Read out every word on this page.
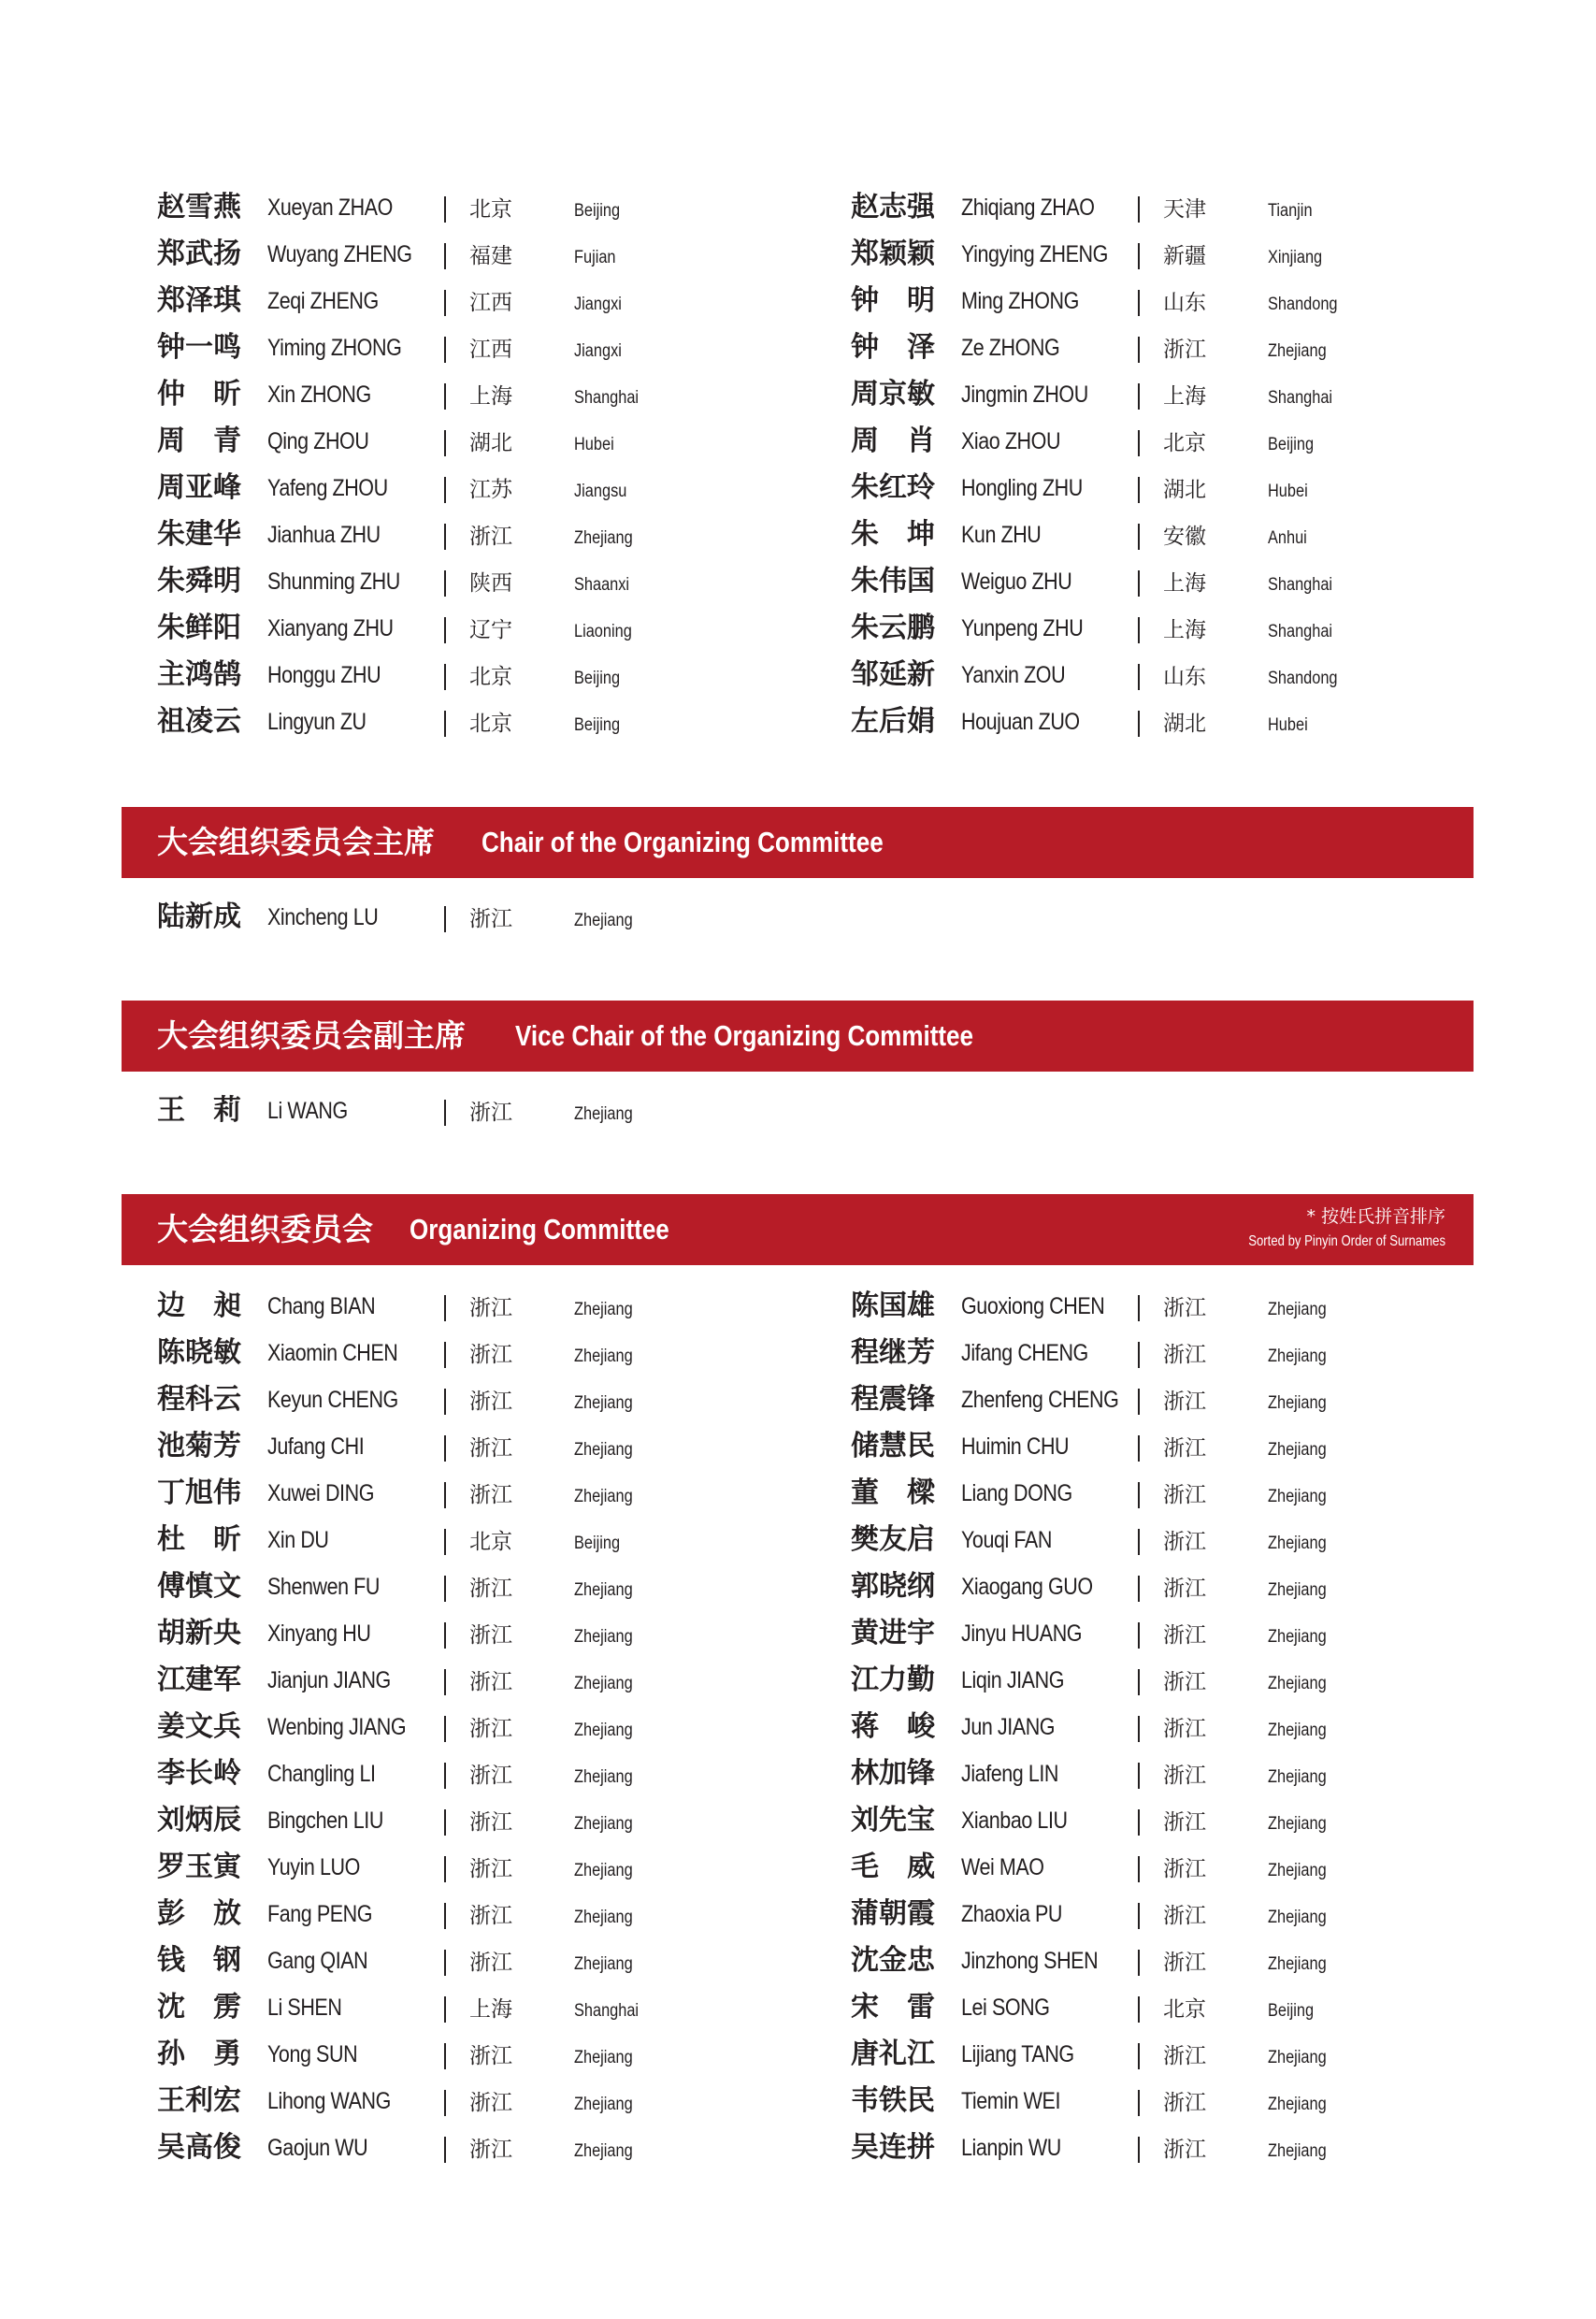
赵雪燕 Xueyan ZHAO	北京	Beijing
郑武扬 Wuyang ZHENG	福建	Fujian
郑泽琪 Zeqi ZHENG	江西	Jiangxi
钟一鸣 Yiming ZHONG	江西	Jiangxi
仲　昕 Xin ZHONG	上海	Shanghai
周　青 Qing ZHOU	湖北	Hubei
周亚峰 Yafeng ZHOU	江苏	Jiangsu
朱建华 Jianhua ZHU	浙江	Zhejiang
朱舜明 Shunming ZHU	陕西	Shaanxi
朱鲜阳 Xianyang ZHU	辽宁	Liaoning
主鸿鹄 Honggu ZHU	北京	Beijing
祖凌云 Lingyun ZU	北京	Beijing
赵志强 Zhiqiang ZHAO	天津	Tianjin
郑颖颖 Yingying ZHENG	新疆	Xinjiang
钟　明 Ming ZHONG	山东	Shandong
钟　泽 Ze ZHONG	浙江	Zhejiang
周京敏 Jingmin ZHOU	上海	Shanghai
周　肖 Xiao ZHOU	北京	Beijing
朱红玲 Hongling ZHU	湖北	Hubei
朱　坤 Kun ZHU	安徽	Anhui
朱伟国 Weiguo ZHU	上海	Shanghai
朱云鹏 Yunpeng ZHU	上海	Shanghai
邹延新 Yanxin ZOU	山东	Shandong
左后娟 Houjuan ZUO	湖北	Hubei
大会组织委员会主席 Chair of the Organizing Committee
陆新成 Xincheng LU	浙江	Zhejiang
大会组织委员会副主席 Vice Chair of the Organizing Committee
王　莉 Li WANG	浙江	Zhejiang
大会组织委员会 Organizing Committee	* 按姓氏拼音排序
Sorted by Pinyin Order of Surnames
边　昶 Chang BIAN	浙江	Zhejiang
陈晓敏 Xiaomin CHEN	浙江	Zhejiang
程科云 Keyun CHENG	浙江	Zhejiang
池菊芳 Jufang CHI	浙江	Zhejiang
丁旭伟 Xuwei DING	浙江	Zhejiang
杜　昕 Xin DU	北京	Beijing
傅慎文 Shenwen FU	浙江	Zhejiang
胡新央 Xinyang HU	浙江	Zhejiang
江建军 Jianjun JIANG	浙江	Zhejiang
姜文兵 Wenbing JIANG	浙江	Zhejiang
李长岭 Changling LI	浙江	Zhejiang
刘炳辰 Bingchen LIU	浙江	Zhejiang
罗玉寅 Yuyin LUO	浙江	Zhejiang
彭　放 Fang PENG	浙江	Zhejiang
钱　钢 Gang QIAN	浙江	Zhejiang
沈　雳 Li SHEN	上海	Shanghai
孙　勇 Yong SUN	浙江	Zhejiang
王利宏 Lihong WANG	浙江	Zhejiang
吴高俊 Gaojun WU	浙江	Zhejiang
陈国雄 Guoxiong CHEN	浙江	Zhejiang
程继芳 Jifang CHENG	浙江	Zhejiang
程震锋 Zhenfeng CHENG 浙江	Zhejiang
储慧民 Huimin CHU	浙江	Zhejiang
董　樑 Liang DONG	浙江	Zhejiang
樊友启 Youqi FAN	浙江	Zhejiang
郭晓纲 Xiaogang GUO	浙江	Zhejiang
黄进宇 Jinyu HUANG	浙江	Zhejiang
江力勤 Liqin JIANG	浙江	Zhejiang
蒋　峻 Jun JIANG	浙江	Zhejiang
林加锋 Jiafeng LIN	浙江	Zhejiang
刘先宝 Xianbao LIU	浙江	Zhejiang
毛　威 Wei MAO	浙江	Zhejiang
蒲朝霞 Zhaoxia PU	浙江	Zhejiang
沈金忠 Jinzhong SHEN	浙江	Zhejiang
宋　雷 Lei SONG	北京	Beijing
唐礼江 Lijiang TANG	浙江	Zhejiang
韦铁民 Tiemin WEI	浙江	Zhejiang
吴连拼 Lianpin WU	浙江	Zhejiang
